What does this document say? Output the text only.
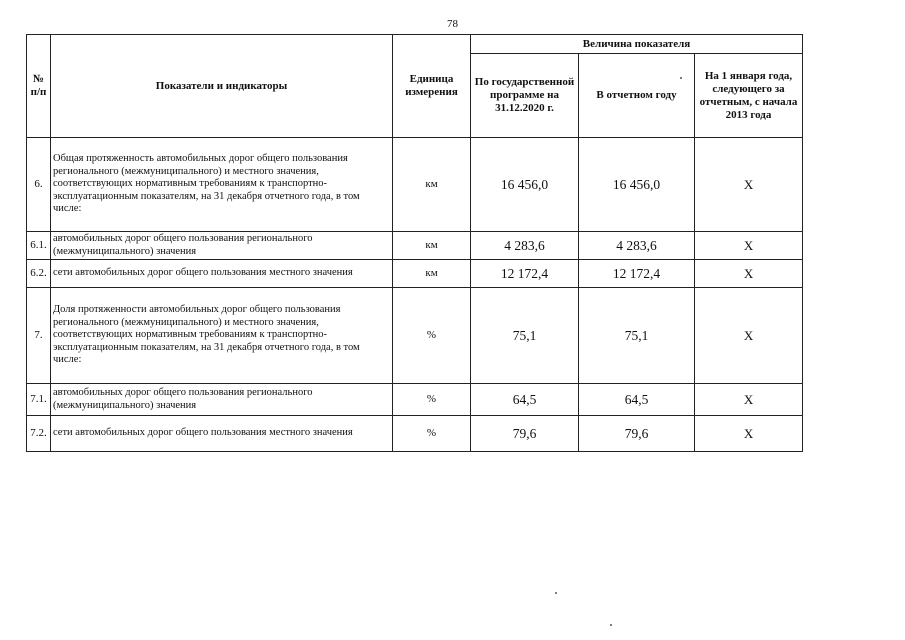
78
№ п/п	Показатели и индикаторы	Единица измерения	Величина показателя		
			По государственной программе на 31.12.2020 г.	В отчетном году	На 1 января года, следующего за отчетным, с начала 2013 года
6.	Общая протяженность автомобильных дорог общего пользования регионального (межмуниципального) и местного значения, соответствующих нормативным требованиям к транспортно-эксплуатационным показателям, на 31 декабря отчетного года, в том числе:	км	16 456,0	16 456,0	Х
6.1.	автомобильных дорог общего пользования регионального (межмуниципального) значения	км	4 283,6	4 283,6	Х
6.2.	сети автомобильных дорог общего пользования местного значения	км	12 172,4	12 172,4	Х
7.	Доля протяженности автомобильных дорог общего пользования регионального (межмуниципального) и местного значения, соответствующих нормативным требованиям к транспортно-эксплуатационным показателям, на 31 декабря отчетного года, в том числе:	%	75,1	75,1	Х
7.1.	автомобильных дорог общего пользования регионального (межмуниципального) значения	%	64,5	64,5	Х
7.2.	сети автомобильных дорог общего пользования местного значения	%	79,6	79,6	Х
